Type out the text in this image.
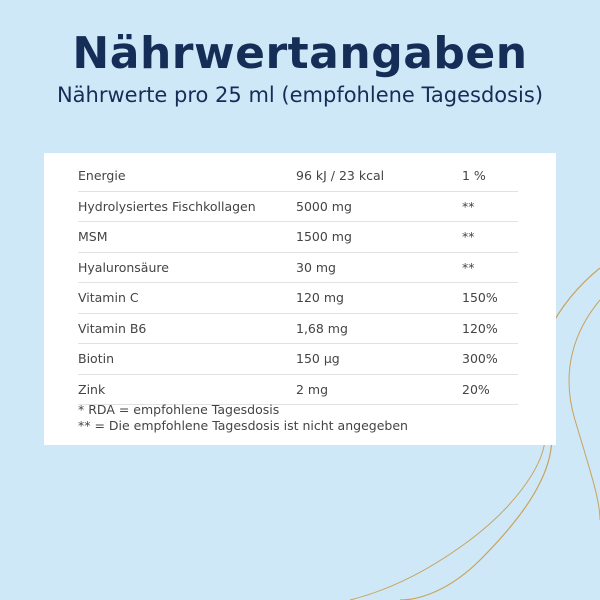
Nährwertangaben
Nährwerte pro 25 ml (empfohlene Tagesdosis)
Energie	96 kJ / 23 kcal	1 %
Hydrolysiertes Fischkollagen	5000 mg	**
MSM	1500 mg	**
Hyaluronsäure	30 mg	**
Vitamin C	120 mg	150%
Vitamin B6	1,68 mg	120%
Biotin	150 µg	300%
Zink	2 mg	20%
* RDA = empfohlene Tagesdosis
** = Die empfohlene Tagesdosis ist nicht angegeben
